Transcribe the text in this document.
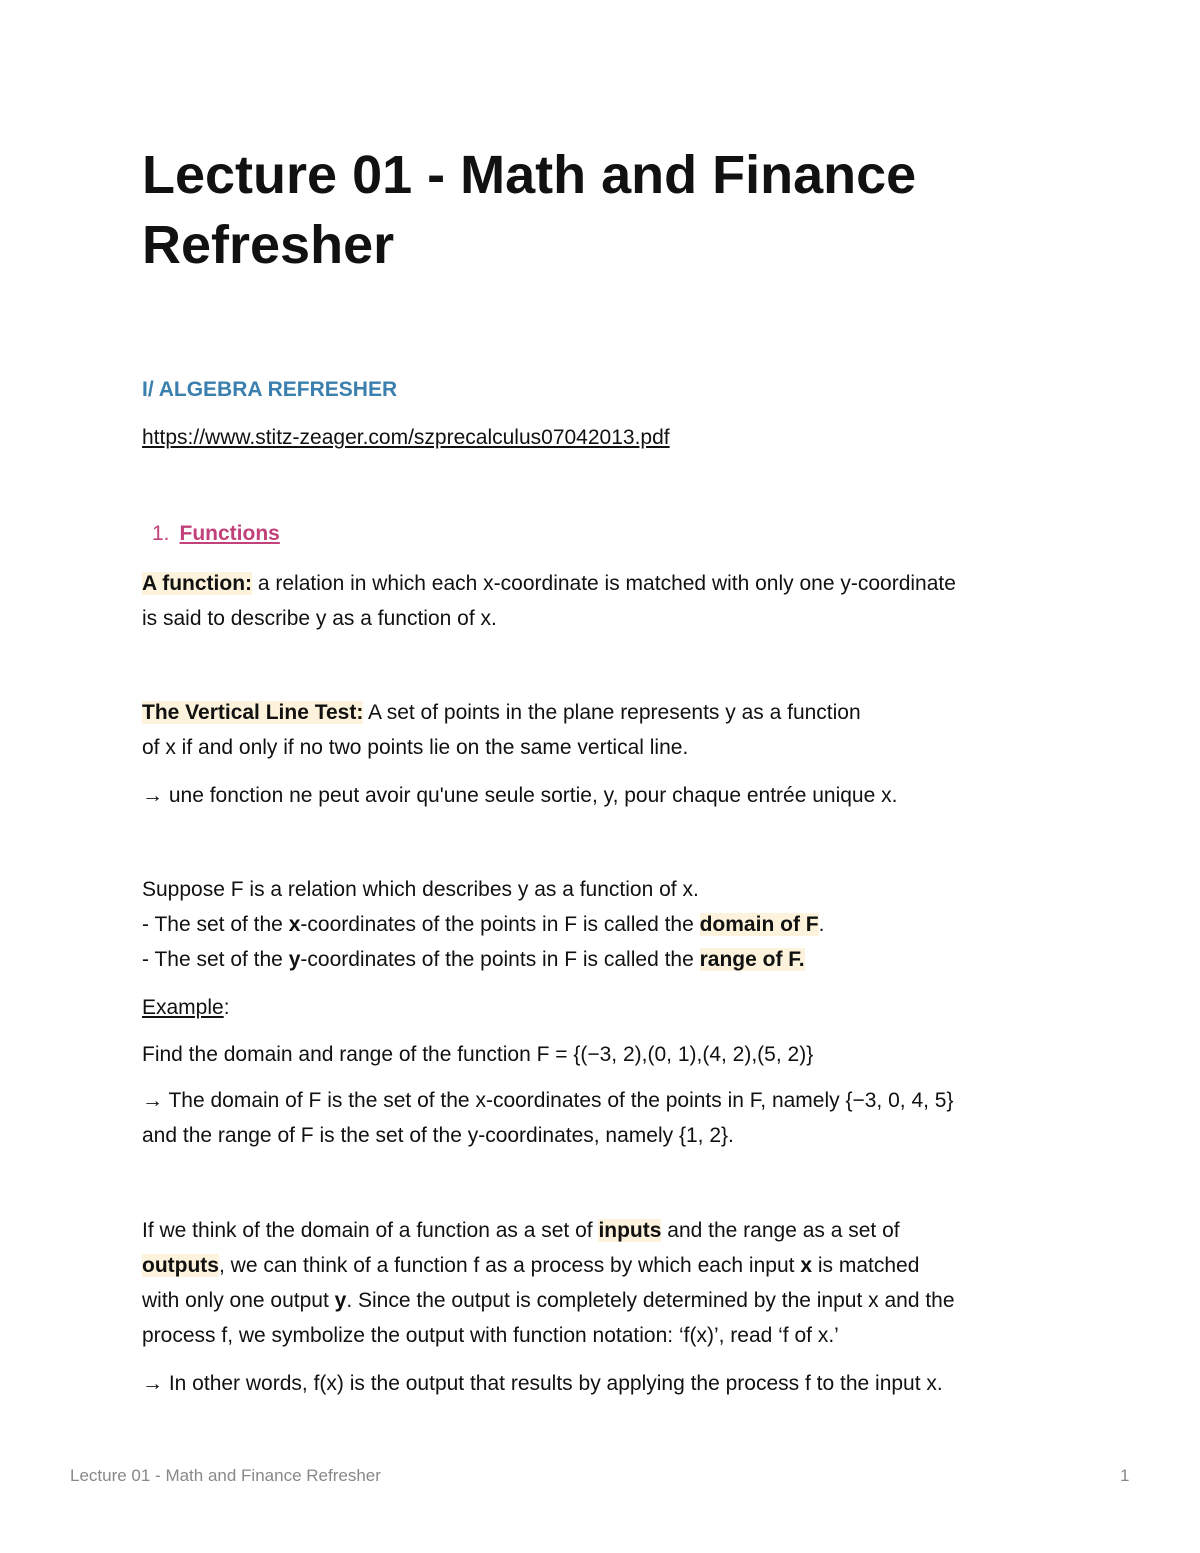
Lecture 01 - Math and Finance
Refresher
I/ ALGEBRA REFRESHER
https://www.stitz-zeager.com/szprecalculus07042013.pdf
1. Functions

A function: a relation in which each x-coordinate is matched with only one y-coordinate
is said to describe y as a function of x.

The Vertical Line Test: A set of points in the plane represents y as a function
of x if and only if no two points lie on the same vertical line.

→ une fonction ne peut avoir qu'une seule sortie, y, pour chaque entrée unique x.

Suppose F is a relation which describes y as a function of x.
- The set of the x-coordinates of the points in F is called the domain of F.
- The set of the y-coordinates of the points in F is called the range of F.

Example:

Find the domain and range of the function F = {(−3, 2),(0, 1),(4, 2),(5, 2)}

→ The domain of F is the set of the x-coordinates of the points in F, namely {−3, 0, 4, 5}
and the range of F is the set of the y-coordinates, namely {1, 2}.

If we think of the domain of a function as a set of inputs and the range as a set of
outputs, we can think of a function f as a process by which each input x is matched
with only one output y. Since the output is completely determined by the input x and the
process f, we symbolize the output with function notation: ‘f(x)’, read ‘f of x.’

→ In other words, f(x) is the output that results by applying the process f to the input x.

Lecture 01 - Math and Finance Refresher	1
